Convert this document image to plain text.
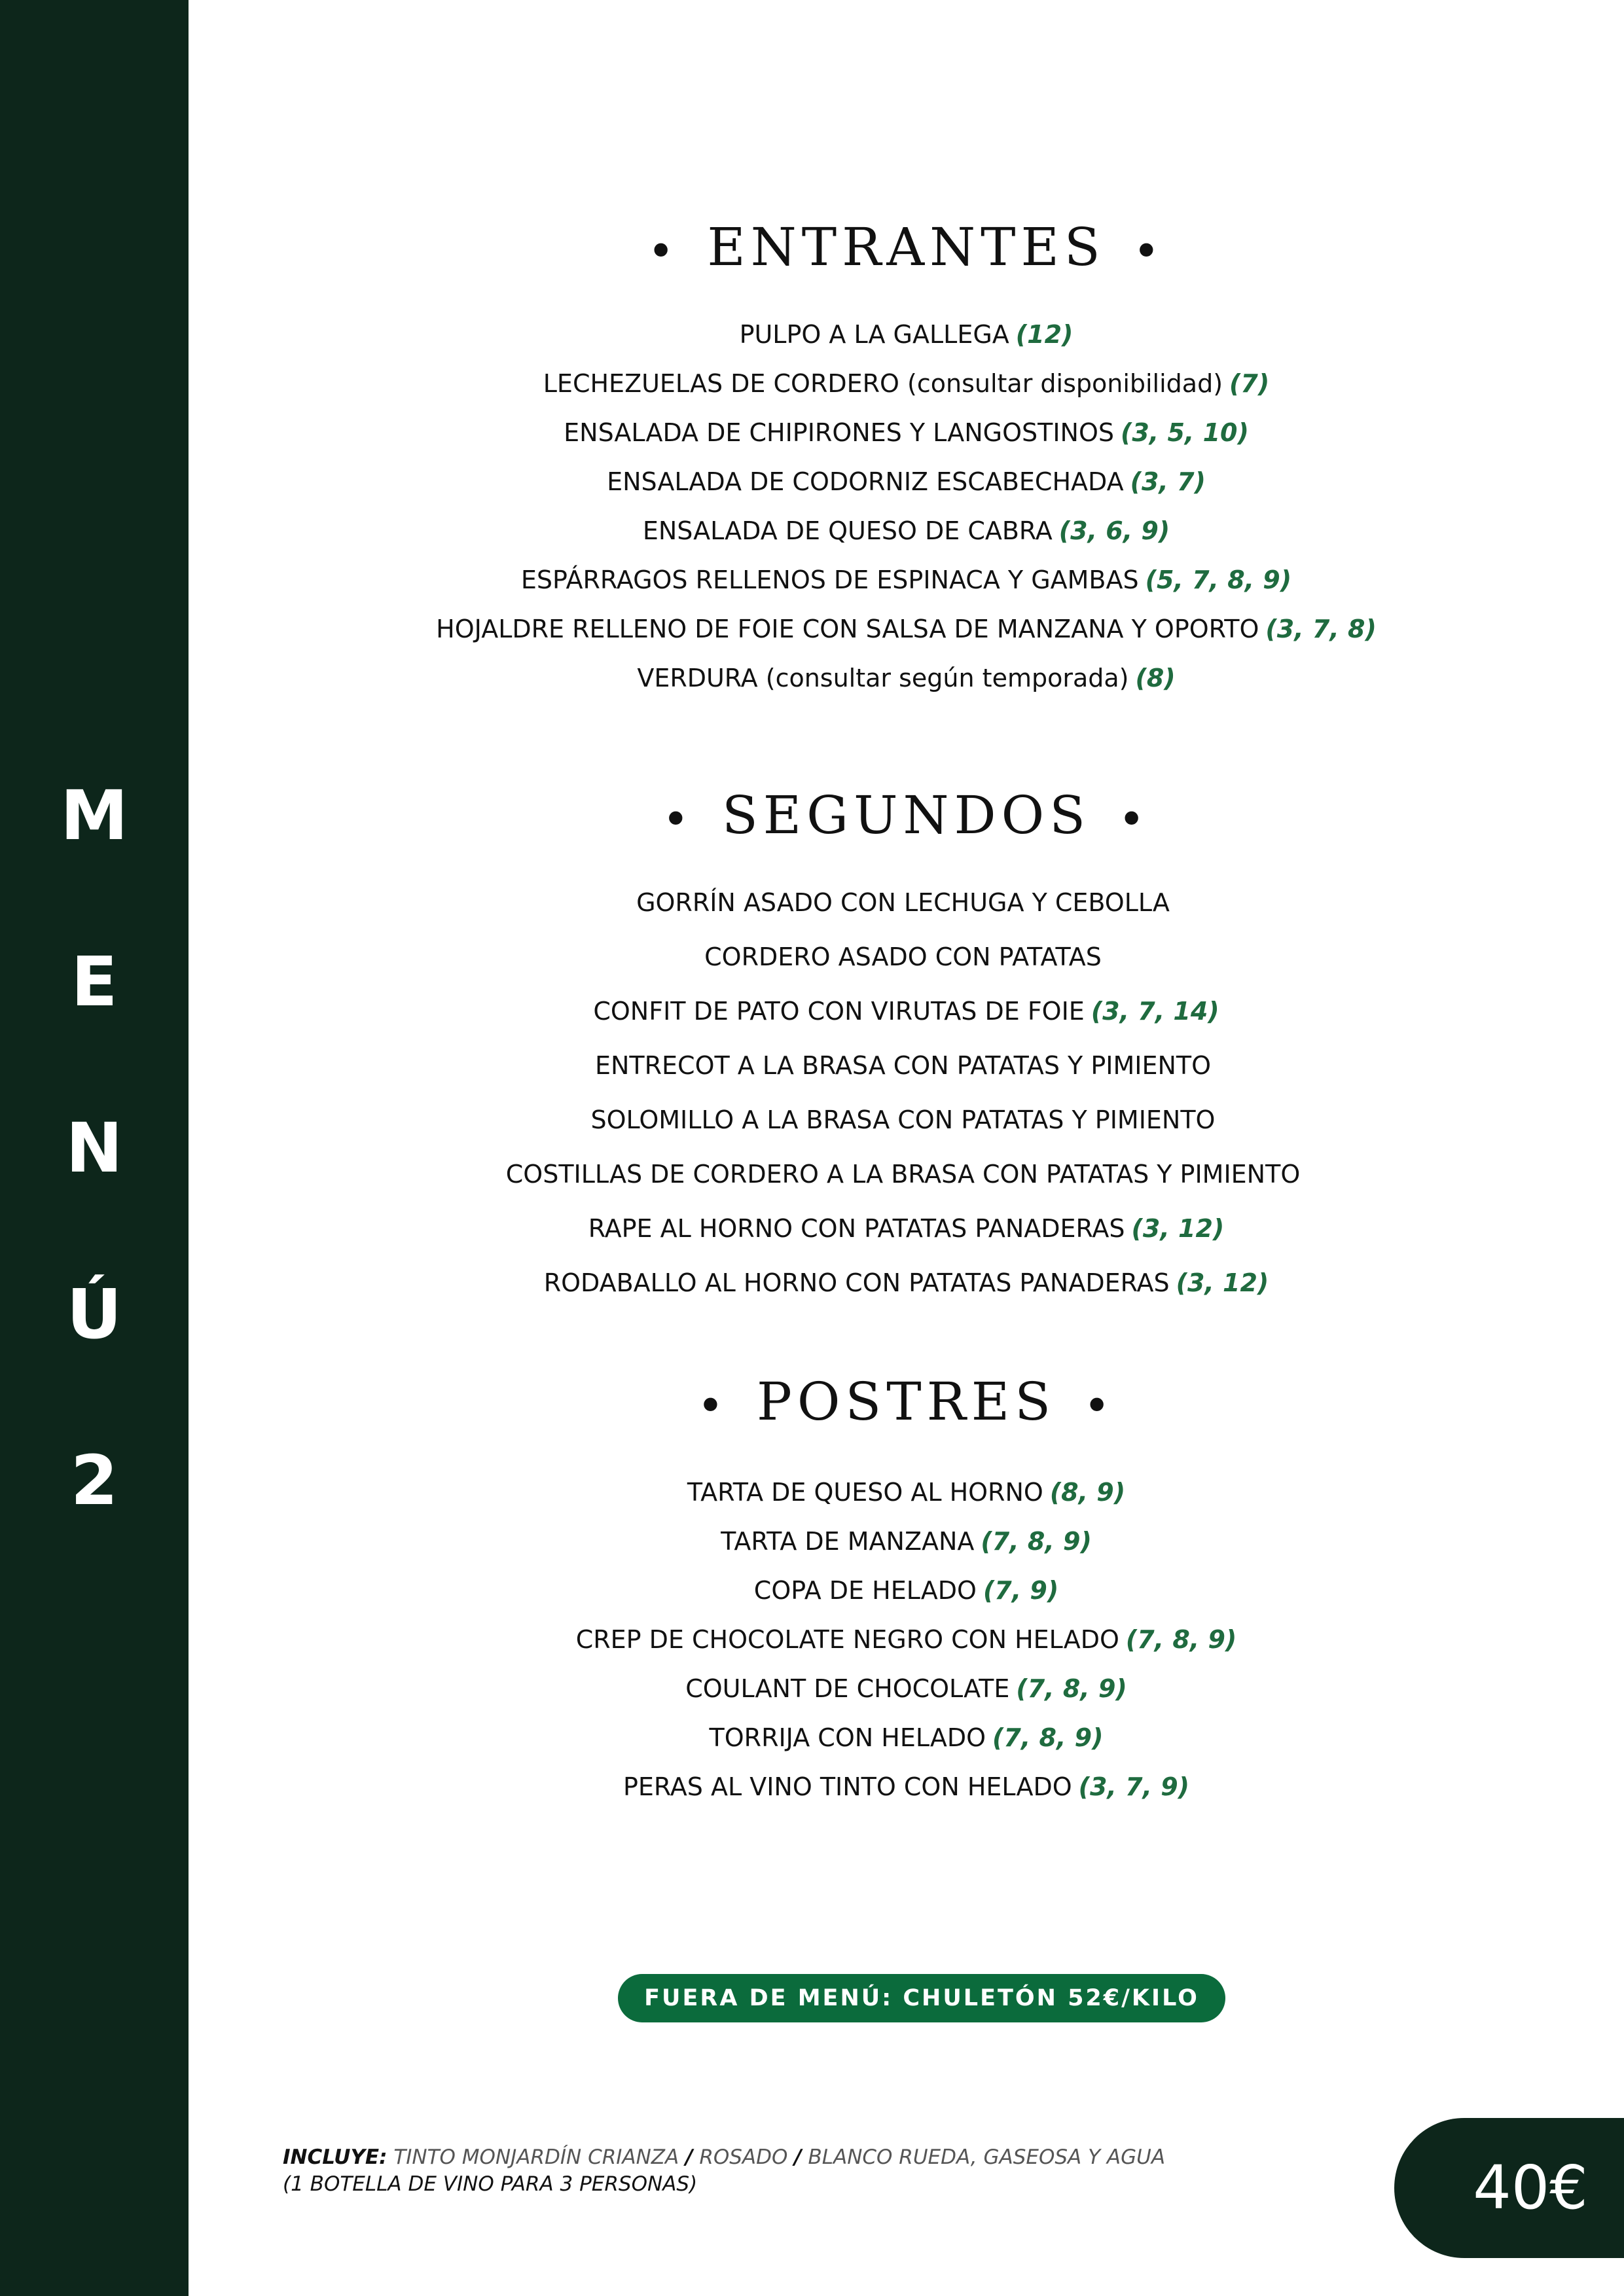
M
E
N
Ú
2
• ENTRANTES •
PULPO A LA GALLEGA (12)
LECHEZUELAS DE CORDERO (consultar disponibilidad) (7)
ENSALADA DE CHIPIRONES Y LANGOSTINOS (3, 5, 10)
ENSALADA DE CODORNIZ ESCABECHADA (3, 7)
ENSALADA DE QUESO DE CABRA (3, 6, 9)
ESPÁRRAGOS RELLENOS DE ESPINACA Y GAMBAS (5, 7, 8, 9)
HOJALDRE RELLENO DE FOIE CON SALSA DE MANZANA Y OPORTO (3, 7, 8)
VERDURA (consultar según temporada) (8)
• SEGUNDOS •
GORRÍN ASADO CON LECHUGA Y CEBOLLA
CORDERO ASADO CON PATATAS
CONFIT DE PATO CON VIRUTAS DE FOIE (3, 7, 14)
ENTRECOT A LA BRASA CON PATATAS Y PIMIENTO
SOLOMILLO A LA BRASA CON PATATAS Y PIMIENTO
COSTILLAS DE CORDERO A LA BRASA CON PATATAS Y PIMIENTO
RAPE AL HORNO CON PATATAS PANADERAS (3, 12)
RODABALLO AL HORNO CON PATATAS PANADERAS (3, 12)
• POSTRES •
TARTA DE QUESO AL HORNO (8, 9)
TARTA DE MANZANA (7, 8, 9)
COPA DE HELADO (7, 9)
CREP DE CHOCOLATE NEGRO CON HELADO (7, 8, 9)
COULANT DE CHOCOLATE (7, 8, 9)
TORRIJA CON HELADO (7, 8, 9)
PERAS AL VINO TINTO CON HELADO (3, 7, 9)
FUERA DE MENÚ: CHULETÓN 52€/KILO
INCLUYE: TINTO MONJARDÍN CRIANZA / ROSADO / BLANCO RUEDA, GASEOSA Y AGUA
(1 BOTELLA DE VINO PARA 3 PERSONAS)	40€
